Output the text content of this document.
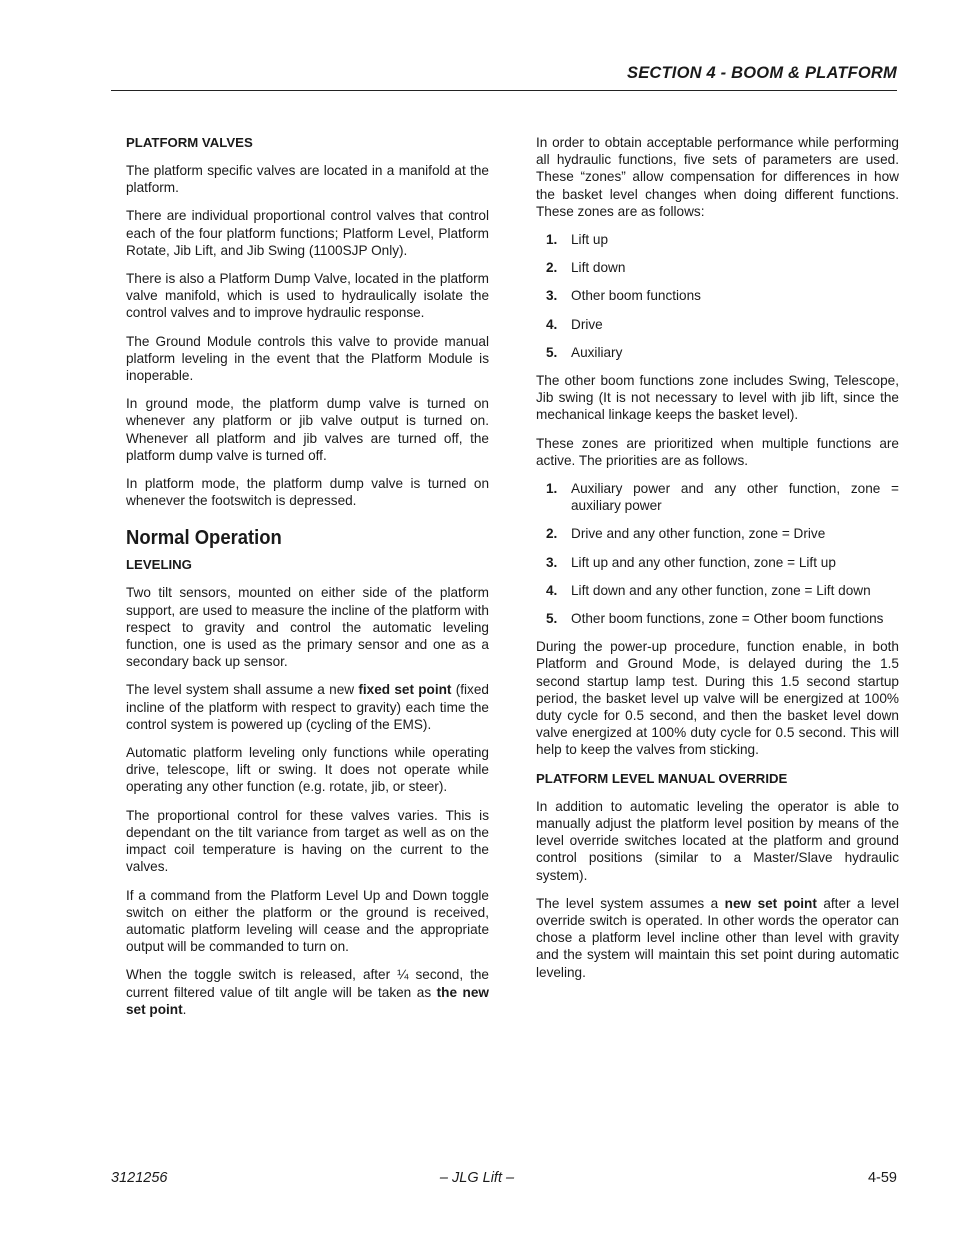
SECTION 4 - BOOM & PLATFORM
PLATFORM VALVES

The platform specific valves are located in a manifold at the platform.

There are individual proportional control valves that control each of the four platform functions; Platform Level, Platform Rotate, Jib Lift, and Jib Swing (1100SJP Only).

There is also a Platform Dump Valve, located in the platform valve manifold, which is used to hydraulically isolate the control valves and to improve hydraulic response.

The Ground Module controls this valve to provide manual platform leveling in the event that the Platform Module is inoperable.

In ground mode, the platform dump valve is turned on whenever any platform or jib valve output is turned on. Whenever all platform and jib valves are turned off, the platform dump valve is turned off.

In platform mode, the platform dump valve is turned on whenever the footswitch is depressed.

Normal Operation
LEVELING

Two tilt sensors, mounted on either side of the platform support, are used to measure the incline of the platform with respect to gravity and control the automatic leveling function, one is used as the primary sensor and one as a secondary back up sensor.

The level system shall assume a new fixed set point (fixed incline of the platform with respect to gravity) each time the control system is powered up (cycling of the EMS).

Automatic platform leveling only functions while operating drive, telescope, lift or swing. It does not operate while operating any other function (e.g. rotate, jib, or steer).

The proportional control for these valves varies. This is dependant on the tilt variance from target as well as on the impact coil temperature is having on the current to the valves.

If a command from the Platform Level Up and Down toggle switch on either the platform or the ground is received, automatic platform leveling will cease and the appropriate output will be commanded to turn on.

When the toggle switch is released, after ¼ second, the current filtered value of tilt angle will be taken as the new set point.

In order to obtain acceptable performance while performing all hydraulic functions, five sets of parameters are used. These “zones” allow compensation for differences in how the basket level changes when doing different functions. These zones are as follows:

1.	Lift up
2.	Lift down
3.	Other boom functions
4.	Drive
5.	Auxiliary

The other boom functions zone includes Swing, Telescope, Jib swing (It is not necessary to level with jib lift, since the mechanical linkage keeps the basket level).

These zones are prioritized when multiple functions are active. The priorities are as follows.

1.	Auxiliary power and any other function, zone = auxiliary power
2.	Drive and any other function, zone = Drive
3.	Lift up and any other function, zone = Lift up
4.	Lift down and any other function, zone = Lift down
5.	Other boom functions, zone = Other boom functions

During the power-up procedure, function enable, in both Platform and Ground Mode, is delayed during the 1.5 second startup lamp test. During this 1.5 second startup period, the basket level up valve will be energized at 100% duty cycle for 0.5 second, and then the basket level down valve energized at 100% duty cycle for 0.5 second. This will help to keep the valves from sticking.

PLATFORM LEVEL MANUAL OVERRIDE

In addition to automatic leveling the operator is able to manually adjust the platform level position by means of the level override switches located at the platform and ground control positions (similar to a Master/Slave hydraulic system).

The level system assumes a new set point after a level override switch is operated. In other words the operator can chose a platform level incline other than level with gravity and the system will maintain this set point during automatic leveling.

3121256	– JLG Lift –	4-59
